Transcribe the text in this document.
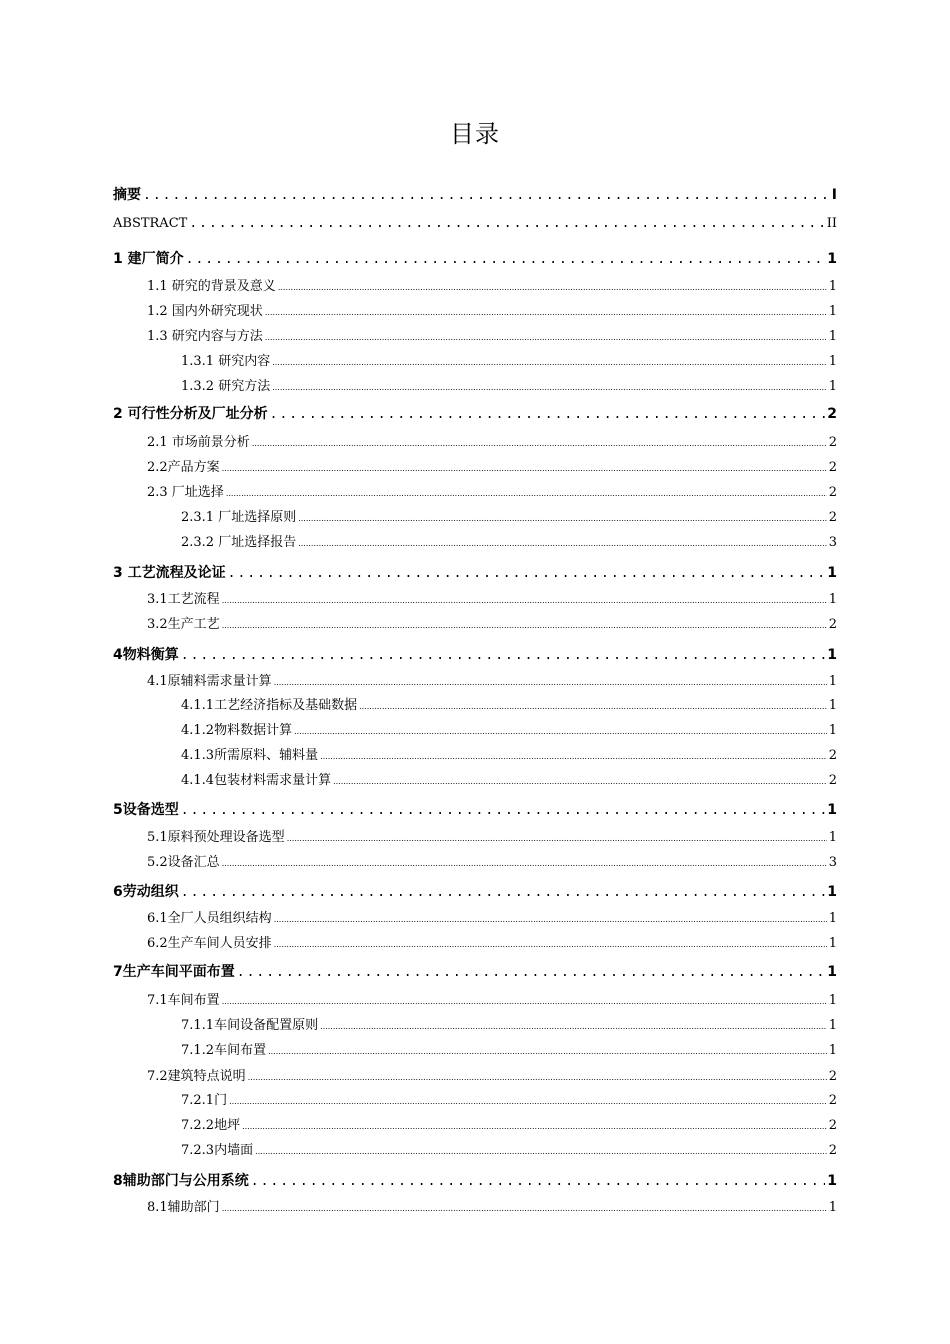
目录
摘要 .....	I
ABSTRACT .....	II
1 建厂简介 .....	1
1.1 研究的背景及意义 .....	1
1.2 国内外研究现状 .....	1
1.3 研究内容与方法 .....	1
1.3.1 研究内容 .....	1
1.3.2 研究方法 .....	1
2 可行性分析及厂址分析 .....	2
2.1 市场前景分析 .....	2
2.2产品方案 .....	2
2.3 厂址选择 .....	2
2.3.1 厂址选择原则 .....	2
2.3.2 厂址选择报告 .....	3
3 工艺流程及论证 .....	1
3.1工艺流程 .....	1
3.2生产工艺 .....	2
4物料衡算 .....	1
4.1原辅料需求量计算 .....	1
4.1.1工艺经济指标及基础数据 .....	1
4.1.2物料数据计算 .....	1
4.1.3所需原料、辅料量 .....	2
4.1.4包装材料需求量计算 .....	2
5设备选型 .....	1
5.1原料预处理设备选型 .....	1
5.2设备汇总 .....	3
6劳动组织 .....	1
6.1全厂人员组织结构 .....	1
6.2生产车间人员安排 .....	1
7生产车间平面布置 .....	1
7.1车间布置 .....	1
7.1.1车间设备配置原则 .....	1
7.1.2车间布置 .....	1
7.2建筑特点说明 .....	2
7.2.1门 .....	2
7.2.2地坪 .....	2
7.2.3内墙面 .....	2
8辅助部门与公用系统 .....	1
8.1辅助部门 .....	1
